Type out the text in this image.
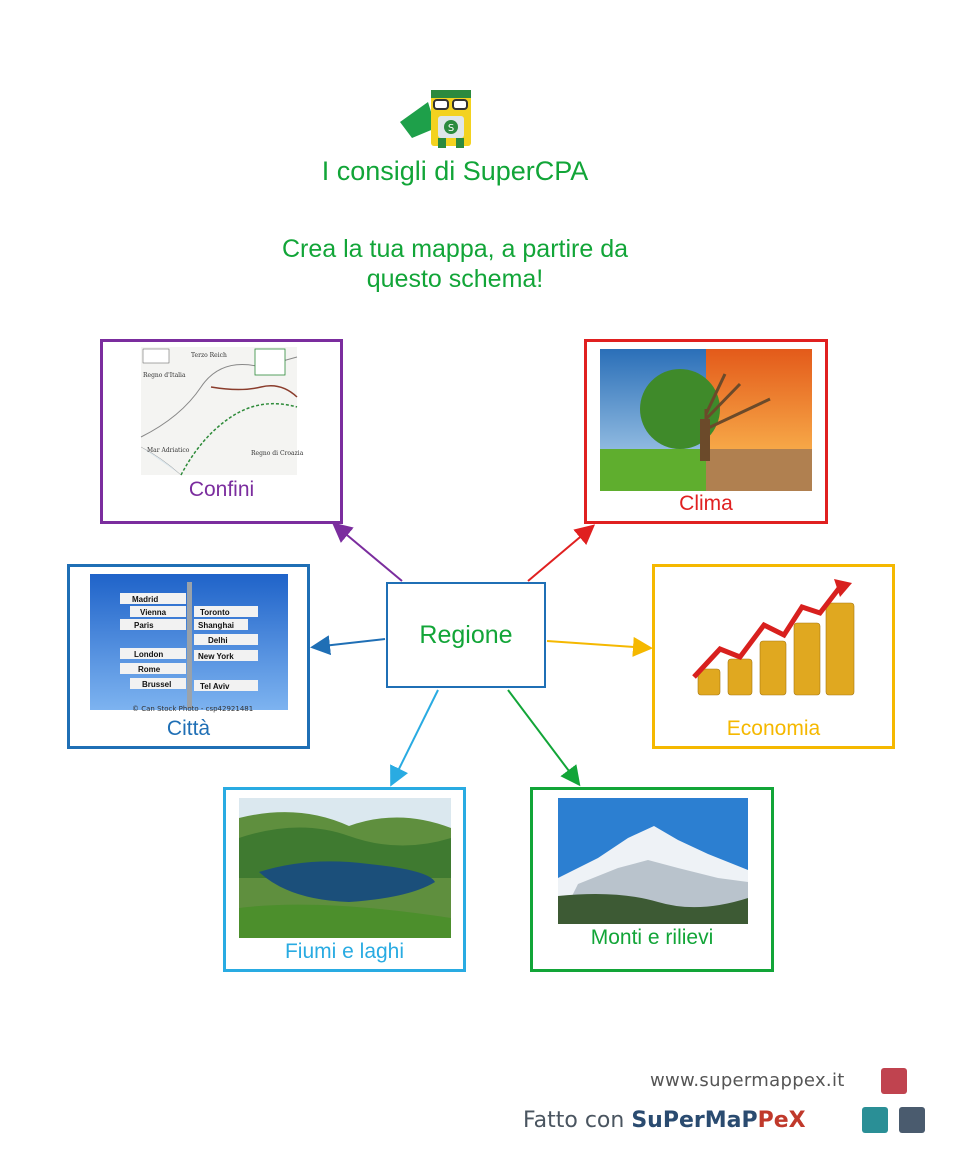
S
I consigli di SuperCPA
Crea la tua mappa, a partire da
questo schema!
Regno d'Italia
Mar Adriatico	Regno di Croazia
Terzo Reich
Confini
Clima
Madrid
Vienna
Paris
London
Rome
Brussel
Toronto
Shanghai
Delhi
New York
Tel Aviv
© Can Stock Photo - csp42921481
Città
Regione
Economia
Fiumi e laghi
Monti e rilievi
www.supermappex.it
Fatto con SuPerMaPPeX
